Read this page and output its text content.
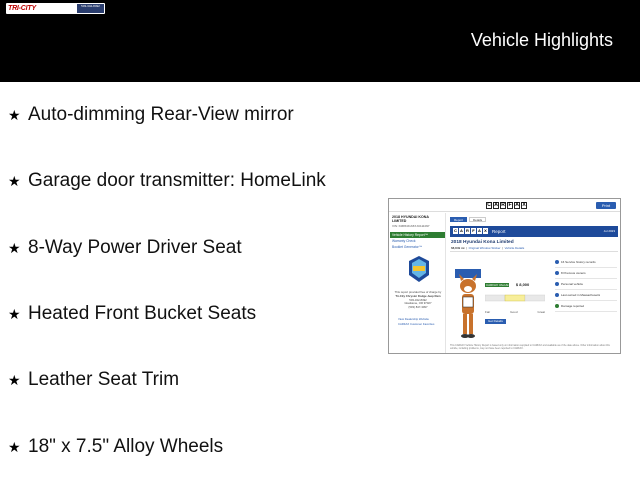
TRI-CITY	503-342-8492
Vehicle Highlights
★ Auto-dimming Rear-View mirror
★ Garage door transmitter: HomeLink
★ 8-Way Power Driver Seat
★ Heated Front Bucket Seats
★ Leather Seat Trim
★ 18" x 7.5" Alloy Wheels
C A R F A X	Print
2018 HYUNDAI KONA LIMITED
VIN: KM8K3CA5XJU111097
Vehicle History Report™
Warranty Check
Booklet Generator™
This report provided free of charge by
Tri-City Chrysler Dodge Jeep Ram
503-342-8492
Gladstone, OR 97027
(503) 847-3097
View Dealership Website
CARFAX Customer Favorites
Report	Details
C A R F A X Report	Jul 2023
2018 Hyundai Kona Limited
68,849 mi  |  Original Window Sticker  |  Vehicle Details
CARFAX VALUE $ 8,000
Fair	Good	Great
Get Details
16 Service history records
8 Previous owners
Personal vehicle
Last owned in Massachusetts
Damage reported
This CARFAX Vehicle History Report is based only on information supplied to CARFAX and available as of the date above. Other information about this vehicle, including problems, may not have been reported to CARFAX.
